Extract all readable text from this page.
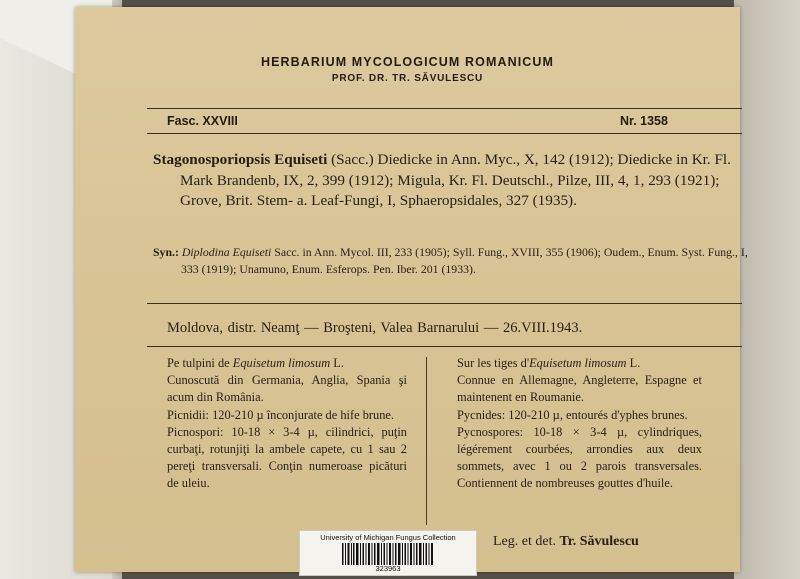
HERBARIUM MYCOLOGICUM ROMANICUM
PROF. DR. TR. SĂVULESCU
Fasc. XXVIII	Nr. 1358
Stagonosporiopsis Equiseti (Sacc.) Diedicke in Ann. Myc., X, 142 (1912); Diedicke in Kr. Fl. Mark Brandenb, IX, 2, 399 (1912); Migula, Kr. Fl. Deutschl., Pilze, III, 4, 1, 293 (1921); Grove, Brit. Stem- a. Leaf-Fungi, I, Sphaeropsidales, 327 (1935).
Syn.: Diplodina Equiseti Sacc. in Ann. Mycol. III, 233 (1905); Syll. Fung., XVIII, 355 (1906); Oudem., Enum. Syst. Fung., I, 333 (1919); Unamuno, Enum. Esferops. Pen. Iber. 201 (1933).
Moldova, distr. Neamţ — Broşteni, Valea Barnarului — 26.VIII.1943.

Pe tulpini de Equisetum limosum L.

Cunoscută din Germania, Anglia, Spania şi acum din România.

Picnidii: 120-210 µ înconjurate de hife brune.

Picnospori: 10-18 × 3-4 µ, cilindrici, puţin curbaţi, rotunjiţi la ambele capete, cu 1 sau 2 pereţi transversali. Conţin numeroase picături de uleiu.

Sur les tiges d'Equisetum limosum L.

Connue en Allemagne, Angleterre, Espagne et maintenent en Roumanie.

Pycnides: 120-210 µ, entourés d'yphes brunes.

Pycnospores: 10-18 × 3-4 µ, cylindriques, légérement courbées, arrondies aux deux sommets, avec 1 ou 2 parois transversales. Contiennent de nombreuses gouttes d'huile.

Leg. et det. Tr. Săvulescu
University of Michigan Fungus Collection
323963
